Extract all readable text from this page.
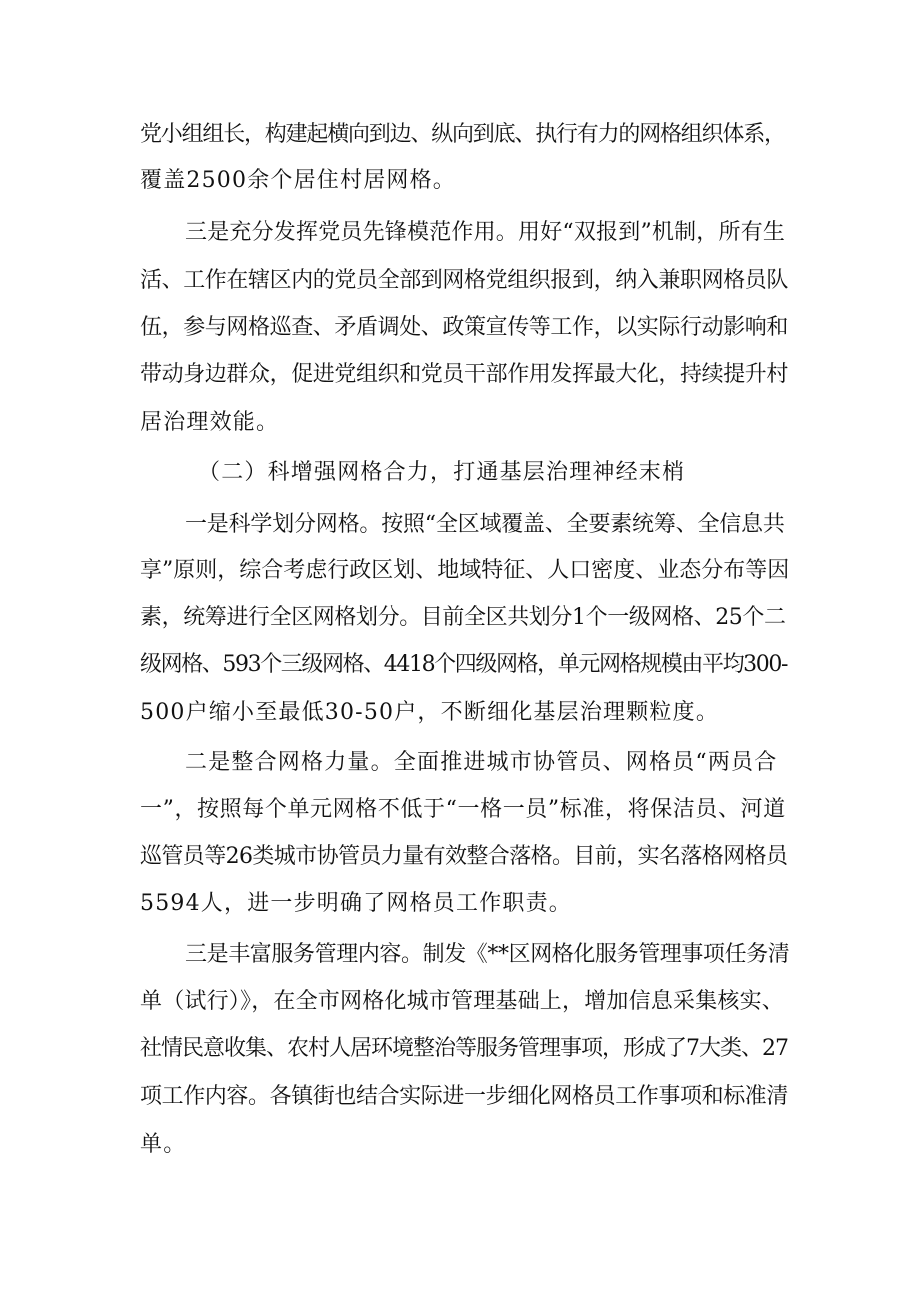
党小组组长，构建起横向到边、纵向到底、执行有力的网格组织体系，
覆盖2500余个居住村居网格。
三是充分发挥党员先锋模范作用。用好“双报到”机制，所有生
活、工作在辖区内的党员全部到网格党组织报到，纳入兼职网格员队
伍，参与网格巡查、矛盾调处、政策宣传等工作，以实际行动影响和
带动身边群众，促进党组织和党员干部作用发挥最大化，持续提升村
居治理效能。
（二）科增强网格合力，打通基层治理神经末梢
一是科学划分网格。按照“全区域覆盖、全要素统筹、全信息共
享”原则，综合考虑行政区划、地域特征、人口密度、业态分布等因
素，统筹进行全区网格划分。目前全区共划分1个一级网格、25个二
级网格、593个三级网格、4418个四级网格，单元网格规模由平均300-
500户缩小至最低30-50户，不断细化基层治理颗粒度。
二是整合网格力量。全面推进城市协管员、网格员“两员合
一”，按照每个单元网格不低于“一格一员”标准，将保洁员、河道
巡管员等26类城市协管员力量有效整合落格。目前，实名落格网格员
5594人，进一步明确了网格员工作职责。
三是丰富服务管理内容。制发《**区网格化服务管理事项任务清
单（试行）》，在全市网格化城市管理基础上，增加信息采集核实、
社情民意收集、农村人居环境整治等服务管理事项，形成了7大类、27
项工作内容。各镇街也结合实际进一步细化网格员工作事项和标准清
单。
